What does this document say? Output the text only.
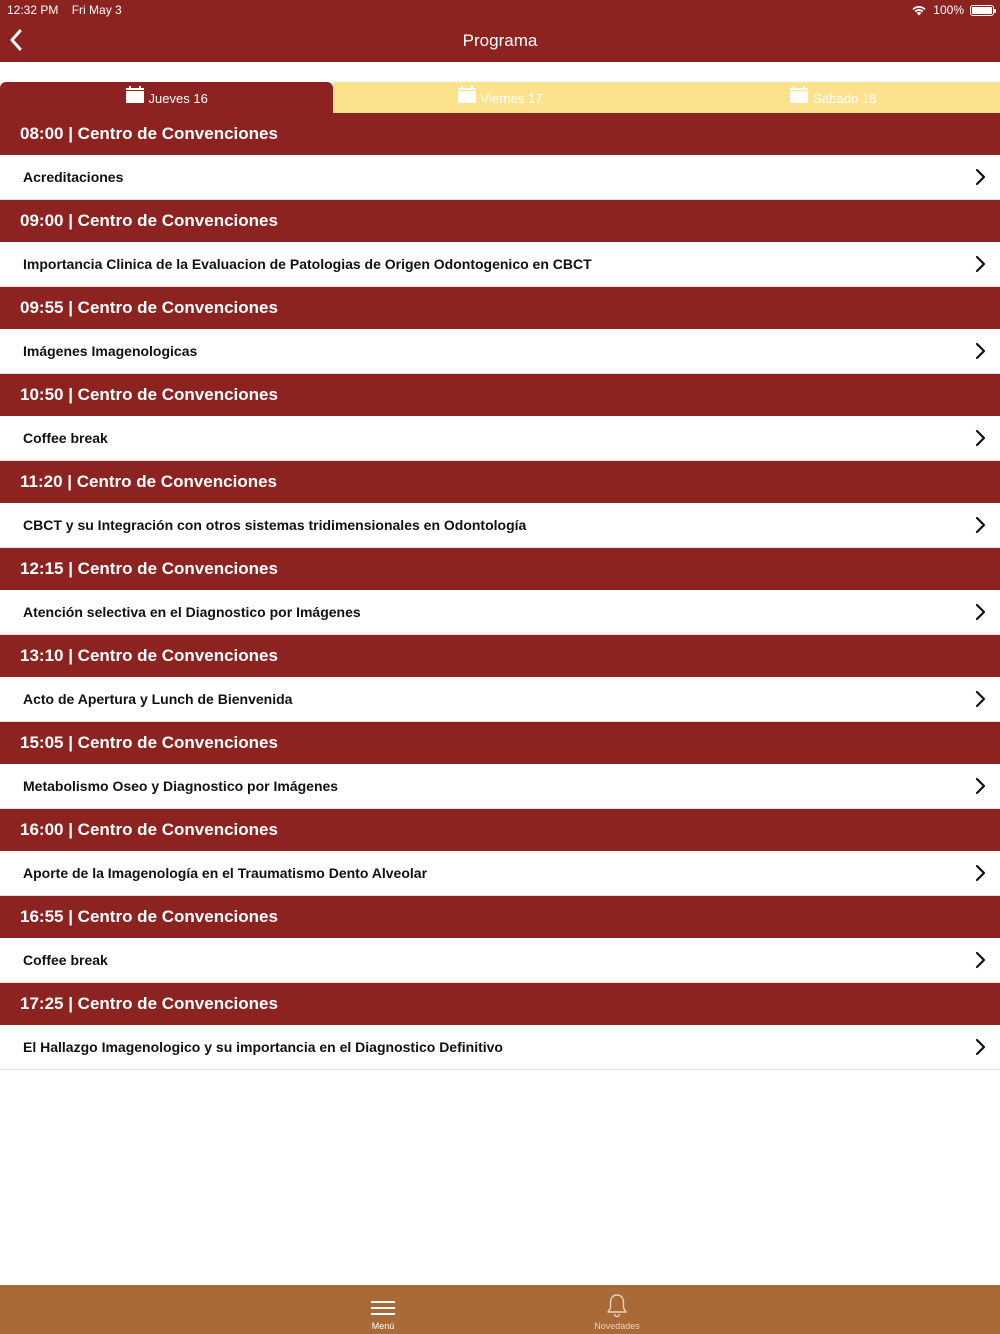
12:32 PM Fri May 3	100%
Programa
Jueves 16	Viernes 17	Sábado 18
08:00 | Centro de Convenciones
Acreditaciones
09:00 | Centro de Convenciones
Importancia Clinica de la Evaluacion de Patologias de Origen Odontogenico en CBCT
09:55 | Centro de Convenciones
Imágenes Imagenologicas
10:50 | Centro de Convenciones
Coffee break
11:20 | Centro de Convenciones
CBCT y su Integración con otros sistemas tridimensionales en Odontología
12:15 | Centro de Convenciones
Atención selectiva en el Diagnostico por Imágenes
13:10 | Centro de Convenciones
Acto de Apertura y Lunch de Bienvenida
15:05 | Centro de Convenciones
Metabolismo Oseo y Diagnostico por Imágenes
16:00 | Centro de Convenciones
Aporte de la Imagenología en el Traumatismo Dento Alveolar
16:55 | Centro de Convenciones
Coffee break
17:25 | Centro de Convenciones
El Hallazgo Imagenologico y su importancia en el Diagnostico Definitivo
Menú	Novedades
